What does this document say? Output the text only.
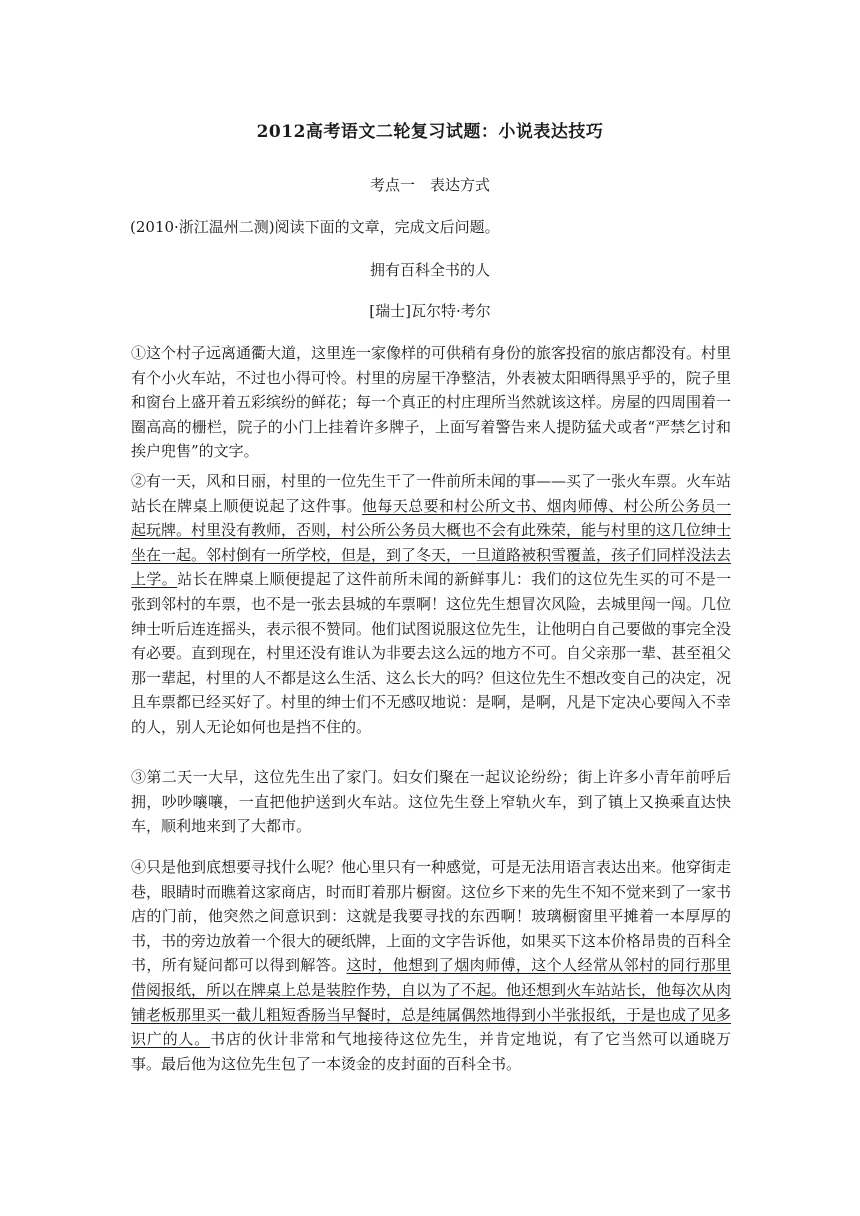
2012高考语文二轮复习试题：小说表达技巧
考点一　表达方式
(2010·浙江温州二测)阅读下面的文章，完成文后问题。
拥有百科全书的人
[瑞士]瓦尔特·考尔
①这个村子远离通衢大道，这里连一家像样的可供稍有身份的旅客投宿的旅店都没有。村里有个小火车站，不过也小得可怜。村里的房屋干净整洁，外表被太阳晒得黑乎乎的，院子里和窗台上盛开着五彩缤纷的鲜花；每一个真正的村庄理所当然就该这样。房屋的四周围着一圈高高的栅栏，院子的小门上挂着许多牌子，上面写着警告来人提防猛犬或者“严禁乞讨和挨户兜售”的文字。
②有一天，风和日丽，村里的一位先生干了一件前所未闻的事——买了一张火车票。火车站站长在牌桌上顺便说起了这件事。他每天总要和村公所文书、烟肉师傅、村公所公务员一起玩牌。村里没有教师，否则，村公所公务员大概也不会有此殊荣，能与村里的这几位绅士坐在一起。邻村倒有一所学校，但是，到了冬天，一旦道路被积雪覆盖，孩子们同样没法去上学。站长在牌桌上顺便提起了这件前所未闻的新鲜事儿：我们的这位先生买的可不是一张到邻村的车票，也不是一张去县城的车票啊！这位先生想冒次风险，去城里闯一闯。几位绅士听后连连摇头，表示很不赞同。他们试图说服这位先生，让他明白自己要做的事完全没有必要。直到现在，村里还没有谁认为非要去这么远的地方不可。自父亲那一辈、甚至祖父那一辈起，村里的人不都是这么生活、这么长大的吗？但这位先生不想改变自己的决定，况且车票都已经买好了。村里的绅士们不无感叹地说：是啊，是啊，凡是下定决心要闯入不幸的人，别人无论如何也是挡不住的。
③第二天一大早，这位先生出了家门。妇女们聚在一起议论纷纷；街上许多小青年前呼后拥，吵吵嚷嚷，一直把他护送到火车站。这位先生登上窄轨火车，到了镇上又换乘直达快车，顺利地来到了大都市。
④只是他到底想要寻找什么呢？他心里只有一种感觉，可是无法用语言表达出来。他穿街走巷，眼睛时而瞧着这家商店，时而盯着那片橱窗。这位乡下来的先生不知不觉来到了一家书店的门前，他突然之间意识到：这就是我要寻找的东西啊！玻璃橱窗里平摊着一本厚厚的书，书的旁边放着一个很大的硬纸牌，上面的文字告诉他，如果买下这本价格昂贵的百科全书，所有疑问都可以得到解答。这时，他想到了烟肉师傅，这个人经常从邻村的同行那里借阅报纸，所以在牌桌上总是装腔作势，自以为了不起。他还想到火车站站长，他每次从肉铺老板那里买一截儿粗短香肠当早餐时，总是纯属偶然地得到小半张报纸，于是也成了见多识广的人。书店的伙计非常和气地接待这位先生，并肯定地说，有了它当然可以通晓万事。最后他为这位先生包了一本烫金的皮封面的百科全书。
